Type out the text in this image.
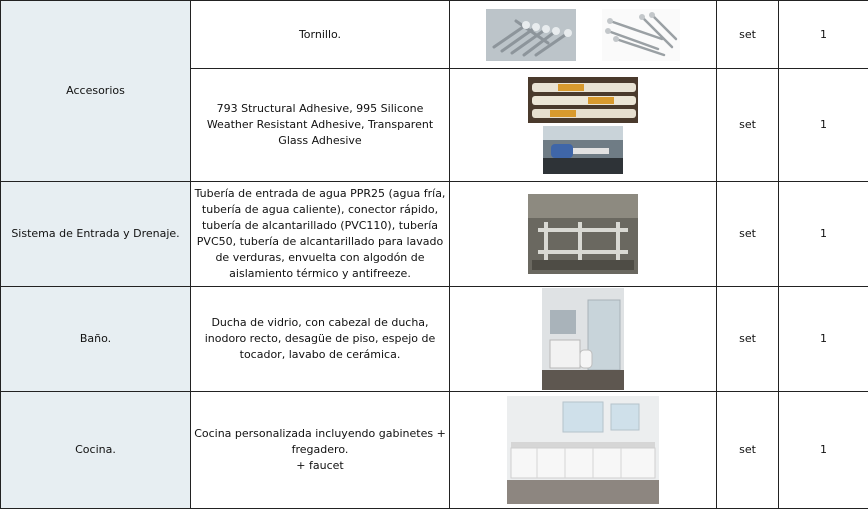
Accesorios	Tornillo.		set	1
	793 Structural Adhesive, 995 Silicone Weather Resistant Adhesive, Transparent Glass Adhesive		set	1
Sistema de Entrada y Drenaje.	Tubería de entrada de agua PPR25 (agua fría, tubería de agua caliente), conector rápido, tubería de alcantarillado (PVC110), tubería PVC50, tubería de alcantarillado para lavado de verduras, envuelta con algodón de aislamiento térmico y antifreeze.		set	1
Baño.	Ducha de vidrio, con cabezal de ducha, inodoro recto, desagüe de piso, espejo de tocador, lavabo de cerámica.		set	1
Cocina.	Cocina personalizada incluyendo gabinetes +
fregadero.
+ faucet		set	1
